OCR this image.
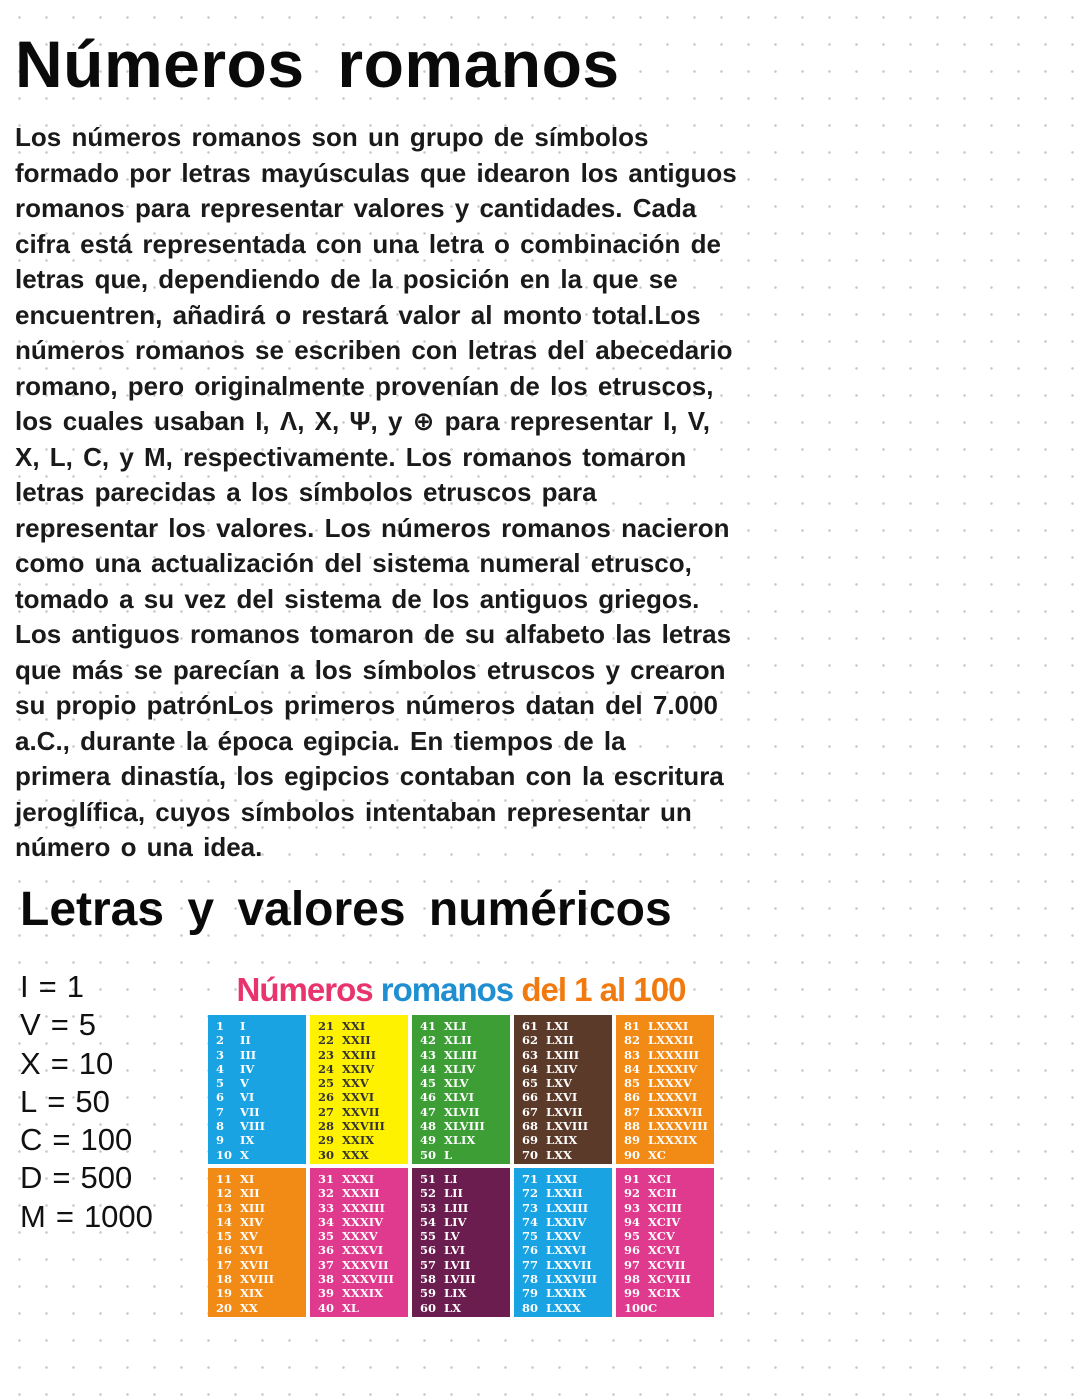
Números romanos
Los números romanos son un grupo de símbolos
formado por letras mayúsculas que idearon los antiguos
romanos para representar valores y cantidades. Cada
cifra está representada con una letra o combinación de
letras que, dependiendo de la posición en la que se
encuentren, añadirá o restará valor al monto total.Los
números romanos se escriben con letras del abecedario
romano, pero originalmente provenían de los etruscos,
los cuales usaban I, Λ, X, Ψ, y ⊕ para representar I, V,
X, L, C, y M, respectivamente. Los romanos tomaron
letras parecidas a los símbolos etruscos para
representar los valores. Los números romanos nacieron
como una actualización del sistema numeral etrusco,
tomado a su vez del sistema de los antiguos griegos.
Los antiguos romanos tomaron de su alfabeto las letras
que más se parecían a los símbolos etruscos y crearon
su propio patrónLos primeros números datan del 7.000
a.C., durante la época egipcia. En tiempos de la
primera dinastía, los egipcios contaban con la escritura
jeroglífica, cuyos símbolos intentaban representar un
número o una idea.
Letras y valores numéricos
I = 1
V = 5
X = 10
L = 50
C = 100
D = 500
M = 1000
Números romanos del 1 al 100
1	I
2	II
3	III
4	IV
5	V
6	VI
7	VII
8	VIII
9	IX
10 X
21 XXI
22 XXII
23 XXIII
24 XXIV
25 XXV
26 XXVI
27 XXVII
28 XXVIII
29 XXIX
30 XXX
41 XLI
42 XLII
43 XLIII
44 XLIV
45 XLV
46 XLVI
47 XLVII
48 XLVIII
49 XLIX
50 L
61 LXI
62 LXII
63 LXIII
64 LXIV
65 LXV
66 LXVI
67 LXVII
68 LXVIII
69 LXIX
70 LXX
81 LXXXI
82 LXXXII
83 LXXXIII
84 LXXXIV
85 LXXXV
86 LXXXVI
87 LXXXVII
88 LXXXVIII
89 LXXXIX
90 XC
11 XI
12 XII
13 XIII
14 XIV
15 XV
16 XVI
17 XVII
18 XVIII
19 XIX
20 XX
31 XXXI
32 XXXII
33 XXXIII
34 XXXIV
35 XXXV
36 XXXVI
37 XXXVII
38 XXXVIII
39 XXXIX
40 XL
51 LI
52 LII
53 LIII
54 LIV
55 LV
56 LVI
57 LVII
58 LVIII
59 LIX
60 LX
71 LXXI
72 LXXII
73 LXXIII
74 LXXIV
75 LXXV
76 LXXVI
77 LXXVII
78 LXXVIII
79 LXXIX
80 LXXX
91 XCI
92 XCII
93 XCIII
94 XCIV
95 XCV
96 XCVI
97 XCVII
98 XCVIII
99 XCIX
100 C
